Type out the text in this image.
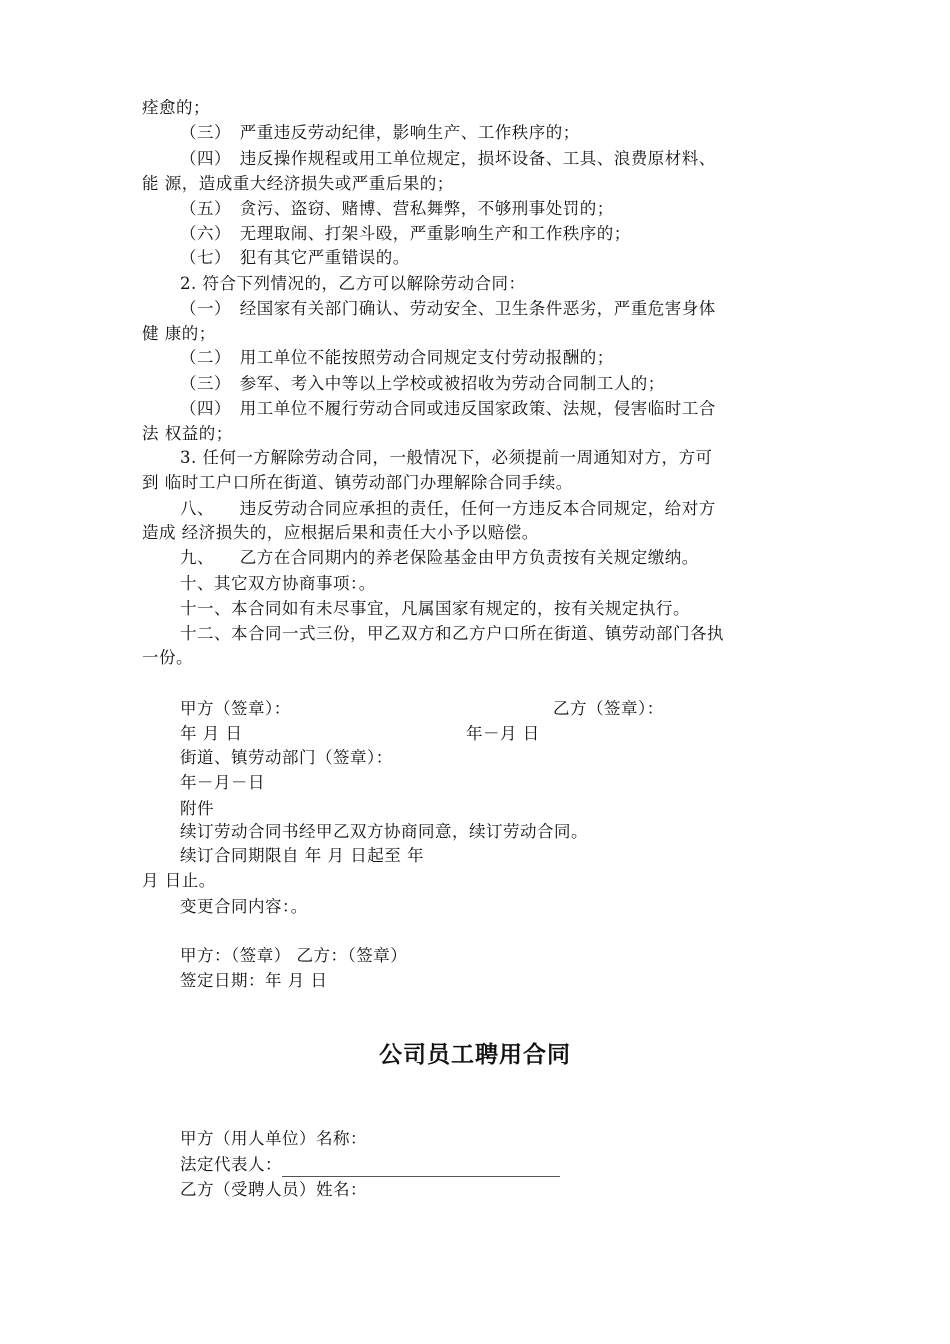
痊愈的；
（三）　严重违反劳动纪律，影响生产、工作秩序的；
（四）　违反操作规程或用工单位规定，损坏设备、工具、浪费原材料、
能 源，造成重大经济损失或严重后果的；
（五）　贪污、盗窃、赌博、营私舞弊，不够刑事处罚的；
（六）　无理取闹、打架斗殴，严重影响生产和工作秩序的；
（七）　犯有其它严重错误的。
2. 符合下列情况的，乙方可以解除劳动合同：
（一）　经国家有关部门确认、劳动安全、卫生条件恶劣，严重危害身体
健 康的；
（二）　用工单位不能按照劳动合同规定支付劳动报酬的；
（三）　参军、考入中等以上学校或被招收为劳动合同制工人的；
（四）　用工单位不履行劳动合同或违反国家政策、法规，侵害临时工合
法 权益的；
3. 任何一方解除劳动合同，一般情况下，必须提前一周通知对方，方可
到 临时工户口所在街道、镇劳动部门办理解除合同手续。
八、　　违反劳动合同应承担的责任，任何一方违反本合同规定，给对方
造成 经济损失的，应根据后果和责任大小予以赔偿。
九、　　乙方在合同期内的养老保险基金由甲方负责按有关规定缴纳。
十、其它双方协商事项：。
十一、本合同如有未尽事宜，凡属国家有规定的，按有关规定执行。
十二、本合同一式三份，甲乙双方和乙方户口所在街道、镇劳动部门各执
一份。
甲方（签章）：	乙方（签章）：
年 月 日	年－月 日
街道、镇劳动部门（签章）：
年－月－日
附件
续订劳动合同书经甲乙双方协商同意，续订劳动合同。
续订合同期限自 年 月 日起至 年
月 日止。
变更合同内容：。
甲方：（签章） 乙方：（签章）
签定日期：年 月 日
公司员工聘用合同
甲方（用人单位）名称：
法定代表人：
乙方（受聘人员）姓名：
